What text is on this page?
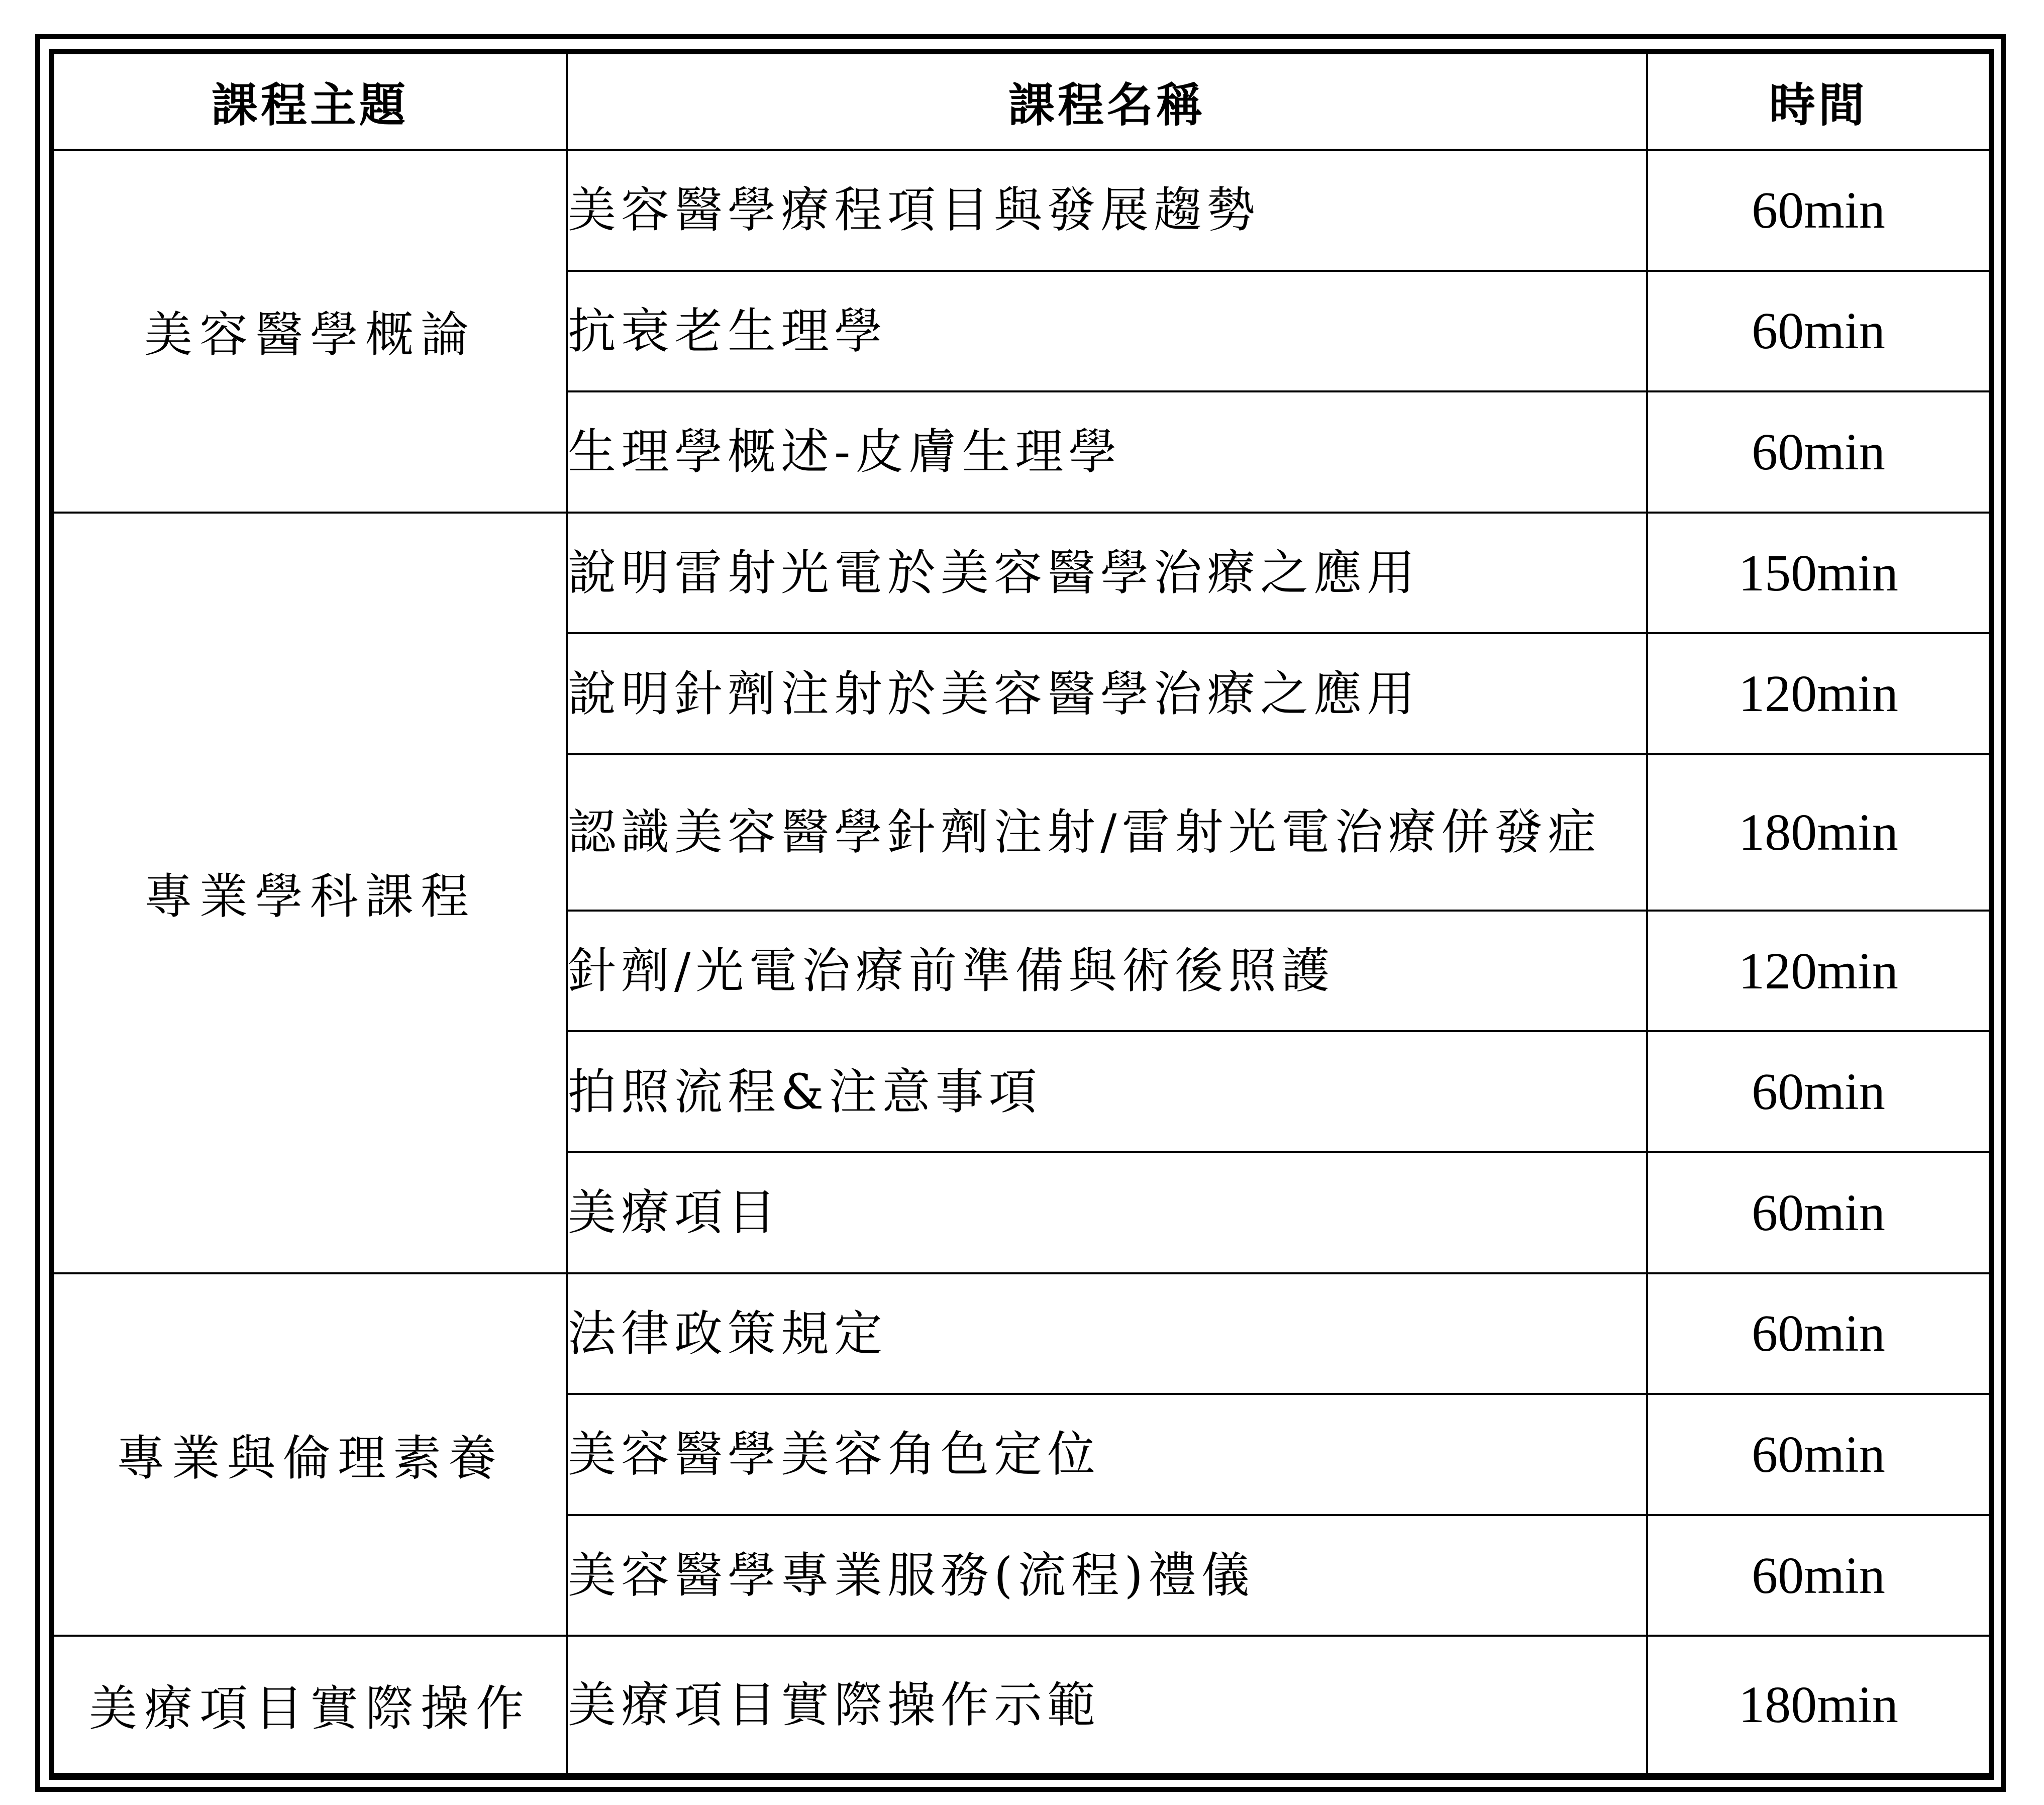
課程主題	課程名稱	時間
美容醫學概論	美容醫學療程項目與發展趨勢	60min
	抗衰老生理學	60min
	生理學概述-皮膚生理學	60min
專業學科課程	說明雷射光電於美容醫學治療之應用	150min
	說明針劑注射於美容醫學治療之應用	120min
	認識美容醫學針劑注射/雷射光電治療併發症	180min
	針劑/光電治療前準備與術後照護	120min
	拍照流程&注意事項	60min
	美療項目	60min
專業與倫理素養	法律政策規定	60min
	美容醫學美容角色定位	60min
	美容醫學專業服務(流程)禮儀	60min
美療項目實際操作	美療項目實際操作示範	180min
